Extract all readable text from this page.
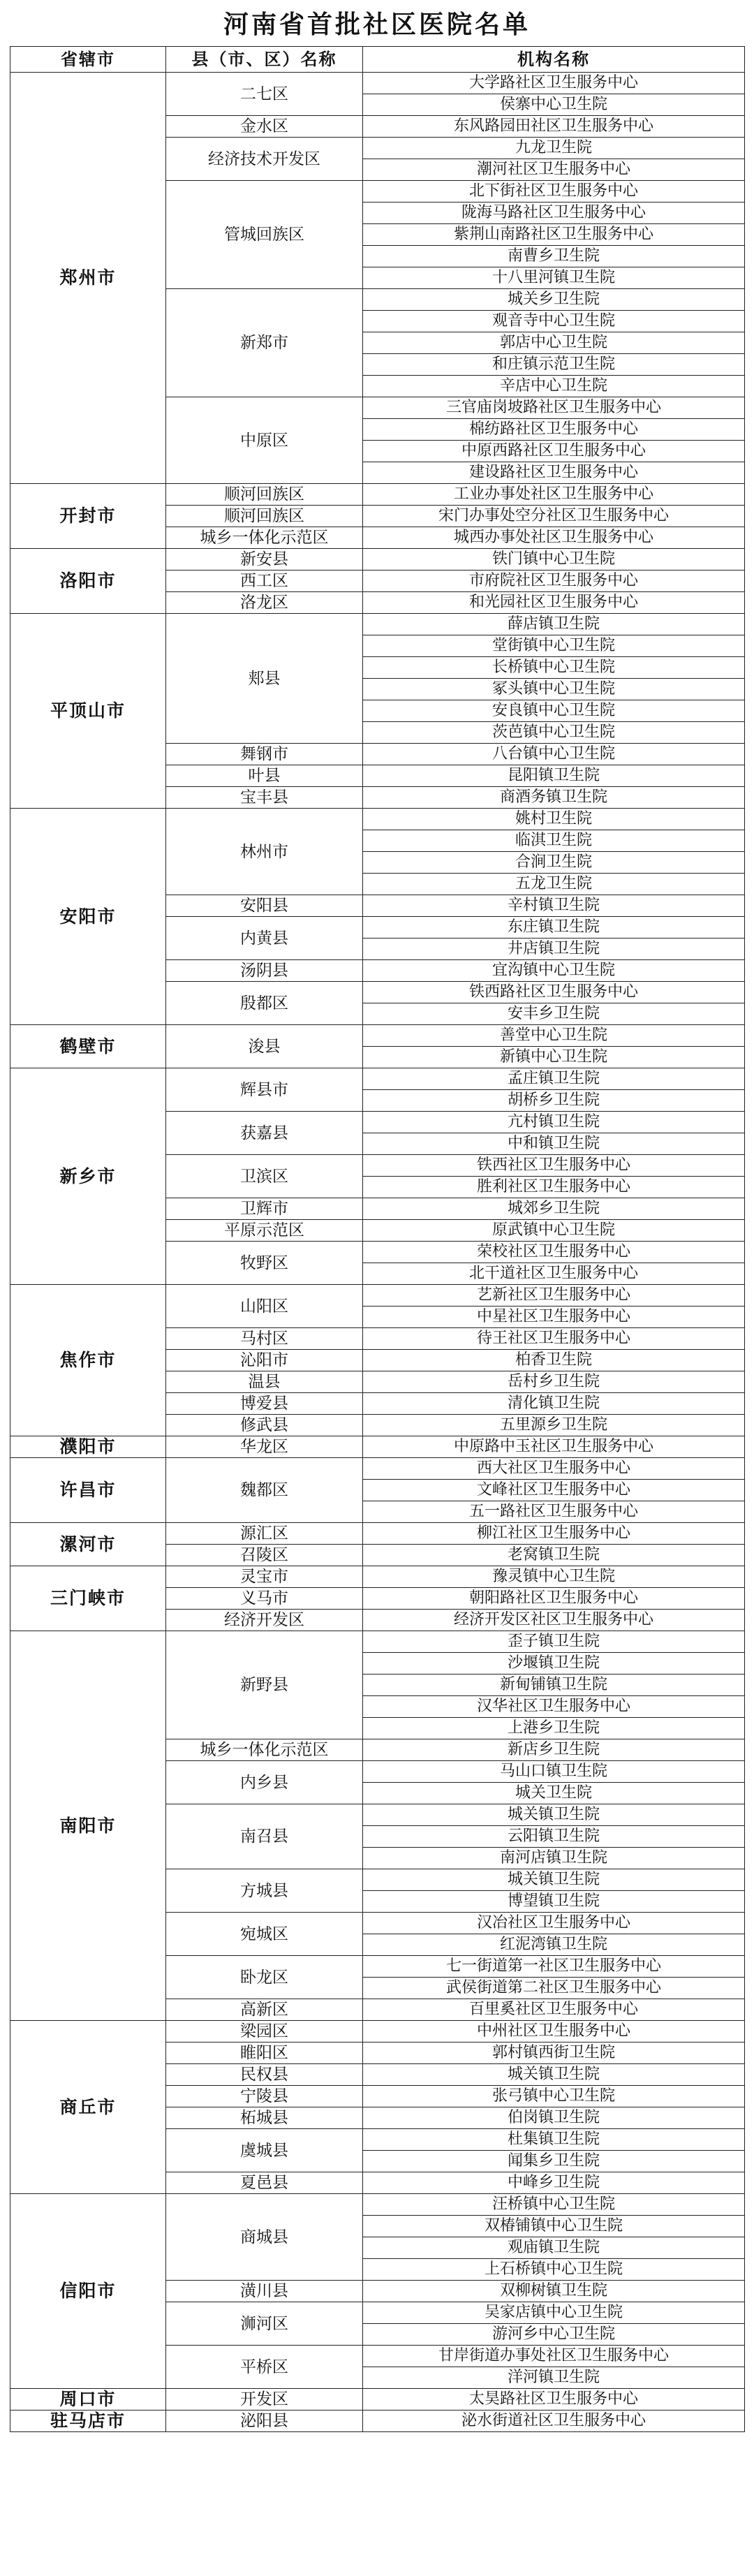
河南省首批社区医院名单
省辖市	县（市、区）名称	机构名称
郑州市	二七区	大学路社区卫生服务中心
		侯寨中心卫生院
	金水区	东风路园田社区卫生服务中心
	经济技术开发区	九龙卫生院
		潮河社区卫生服务中心
	管城回族区	北下街社区卫生服务中心
		陇海马路社区卫生服务中心
		紫荆山南路社区卫生服务中心
		南曹乡卫生院
		十八里河镇卫生院
	新郑市	城关乡卫生院
		观音寺中心卫生院
		郭店中心卫生院
		和庄镇示范卫生院
		辛店中心卫生院
	中原区	三官庙岗坡路社区卫生服务中心
		棉纺路社区卫生服务中心
		中原西路社区卫生服务中心
		建设路社区卫生服务中心
开封市	顺河回族区	工业办事处社区卫生服务中心
	顺河回族区	宋门办事处空分社区卫生服务中心
	城乡一体化示范区	城西办事处社区卫生服务中心
洛阳市	新安县	铁门镇中心卫生院
	西工区	市府院社区卫生服务中心
	洛龙区	和光园社区卫生服务中心
平顶山市	郏县	薛店镇卫生院
		堂街镇中心卫生院
		长桥镇中心卫生院
		冢头镇中心卫生院
		安良镇中心卫生院
		茨芭镇中心卫生院
	舞钢市	八台镇中心卫生院
	叶县	昆阳镇卫生院
	宝丰县	商酒务镇卫生院
安阳市	林州市	姚村卫生院
		临淇卫生院
		合涧卫生院
		五龙卫生院
	安阳县	辛村镇卫生院
	内黄县	东庄镇卫生院
		井店镇卫生院
	汤阴县	宜沟镇中心卫生院
	殷都区	铁西路社区卫生服务中心
		安丰乡卫生院
鹤壁市	浚县	善堂中心卫生院
		新镇中心卫生院
新乡市	辉县市	孟庄镇卫生院
		胡桥乡卫生院
	获嘉县	亢村镇卫生院
		中和镇卫生院
	卫滨区	铁西社区卫生服务中心
		胜利社区卫生服务中心
	卫辉市	城郊乡卫生院
	平原示范区	原武镇中心卫生院
	牧野区	荣校社区卫生服务中心
		北干道社区卫生服务中心
焦作市	山阳区	艺新社区卫生服务中心
		中星社区卫生服务中心
	马村区	待王社区卫生服务中心
	沁阳市	柏香卫生院
	温县	岳村乡卫生院
	博爱县	清化镇卫生院
	修武县	五里源乡卫生院
濮阳市	华龙区	中原路中玉社区卫生服务中心
许昌市	魏都区	西大社区卫生服务中心
		文峰社区卫生服务中心
		五一路社区卫生服务中心
漯河市	源汇区	柳江社区卫生服务中心
	召陵区	老窝镇卫生院
三门峡市	灵宝市	豫灵镇中心卫生院
	义马市	朝阳路社区卫生服务中心
	经济开发区	经济开发区社区卫生服务中心
南阳市	新野县	歪子镇卫生院
		沙堰镇卫生院
		新甸铺镇卫生院
		汉华社区卫生服务中心
		上港乡卫生院
	城乡一体化示范区	新店乡卫生院
	内乡县	马山口镇卫生院
		城关卫生院
	南召县	城关镇卫生院
		云阳镇卫生院
		南河店镇卫生院
	方城县	城关镇卫生院
		博望镇卫生院
	宛城区	汉冶社区卫生服务中心
		红泥湾镇卫生院
	卧龙区	七一街道第一社区卫生服务中心
		武侯街道第二社区卫生服务中心
	高新区	百里奚社区卫生服务中心
商丘市	梁园区	中州社区卫生服务中心
	睢阳区	郭村镇西街卫生院
	民权县	城关镇卫生院
	宁陵县	张弓镇中心卫生院
	柘城县	伯岗镇卫生院
	虞城县	杜集镇卫生院
		闻集乡卫生院
	夏邑县	中峰乡卫生院
信阳市	商城县	汪桥镇中心卫生院
		双椿铺镇中心卫生院
		观庙镇卫生院
		上石桥镇中心卫生院
	潢川县	双柳树镇卫生院
	浉河区	吴家店镇中心卫生院
		游河乡中心卫生院
	平桥区	甘岸街道办事处社区卫生服务中心
		洋河镇卫生院
周口市	开发区	太昊路社区卫生服务中心
驻马店市	泌阳县	泌水街道社区卫生服务中心
